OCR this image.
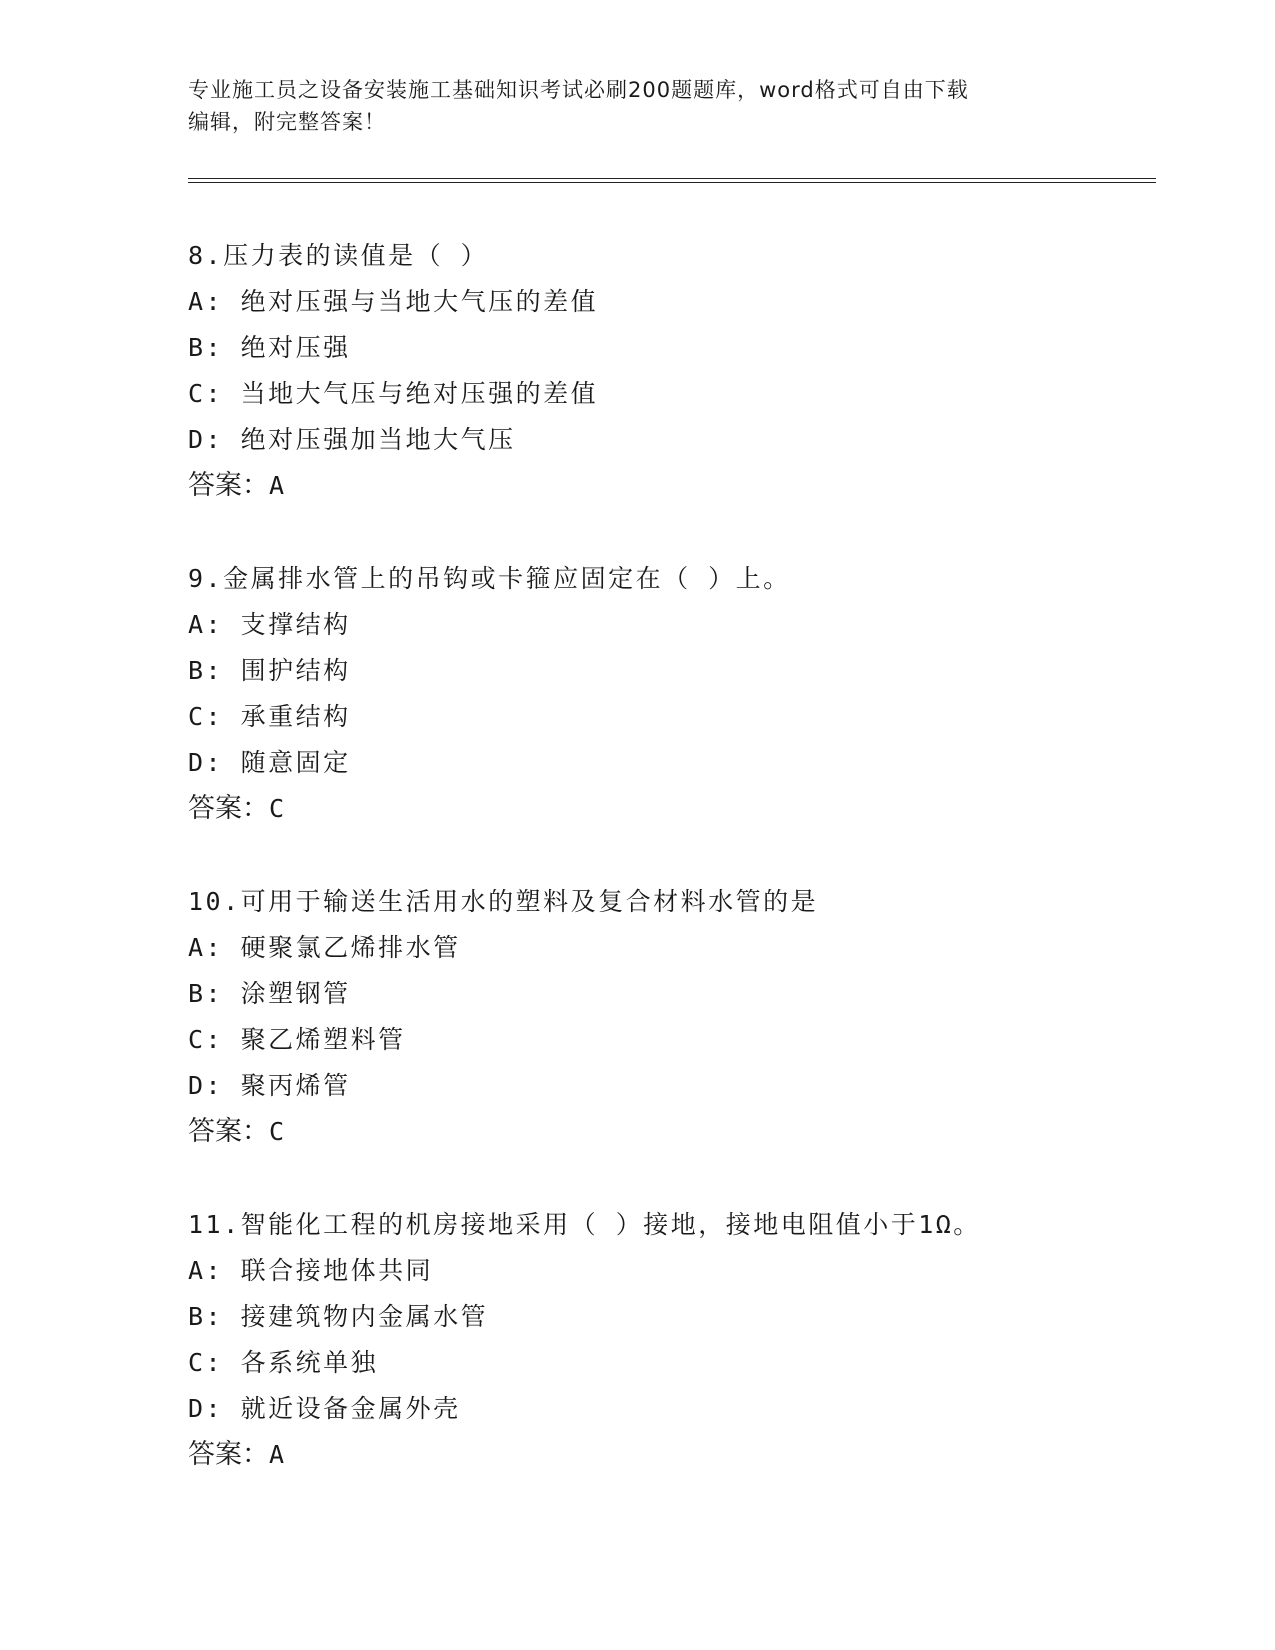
专业施工员之设备安装施工基础知识考试必刷200题题库，word格式可自由下载
编辑，附完整答案！
8.压力表的读值是（ ）
A: 绝对压强与当地大气压的差值
B: 绝对压强
C: 当地大气压与绝对压强的差值
D: 绝对压强加当地大气压
答案：A
9.金属排水管上的吊钩或卡箍应固定在（ ）上。
A: 支撑结构
B: 围护结构
C: 承重结构
D: 随意固定
答案：C
10.可用于输送生活用水的塑料及复合材料水管的是
A: 硬聚氯乙烯排水管
B: 涂塑钢管
C: 聚乙烯塑料管
D: 聚丙烯管
答案：C
11.智能化工程的机房接地采用（ ）接地，接地电阻值小于1Ω。
A: 联合接地体共同
B: 接建筑物内金属水管
C: 各系统单独
D: 就近设备金属外壳
答案：A
